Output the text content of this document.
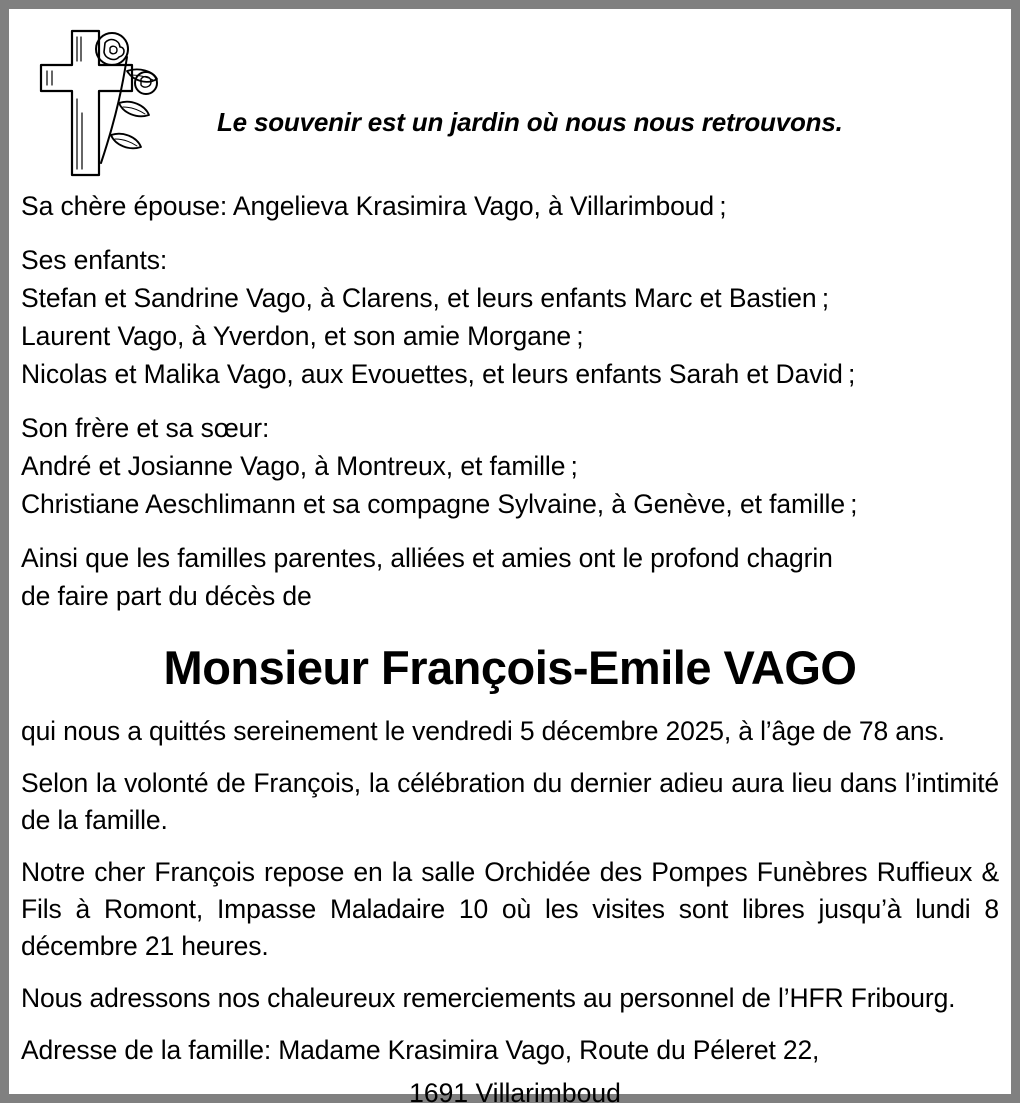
Le souvenir est un jardin où nous nous retrouvons.
Sa chère épouse: Angelieva Krasimira Vago, à Villarimboud ;
Ses enfants:
Stefan et Sandrine Vago, à Clarens, et leurs enfants Marc et Bastien ;
Laurent Vago, à Yverdon, et son amie Morgane ;
Nicolas et Malika Vago, aux Evouettes, et leurs enfants Sarah et David ;
Son frère et sa sœur:
André et Josianne Vago, à Montreux, et famille ;
Christiane Aeschlimann et sa compagne Sylvaine, à Genève, et famille ;
Ainsi que les familles parentes, alliées et amies ont le profond chagrin
de faire part du décès de
Monsieur François-Emile VAGO
qui nous a quittés sereinement le vendredi 5 décembre 2025, à l’âge de 78 ans.
Selon la volonté de François, la célébration du dernier adieu aura lieu dans l’intimité de la famille.
Notre cher François repose en la salle Orchidée des Pompes Funèbres Ruffieux & Fils à Romont, Impasse Maladaire 10 où les visites sont libres jusqu’à lundi 8 décembre 21 heures.
Nous adressons nos chaleureux remerciements au personnel de l’HFR Fribourg.
Adresse de la famille: Madame Krasimira Vago, Route du Péleret 22,
1691 Villarimboud
